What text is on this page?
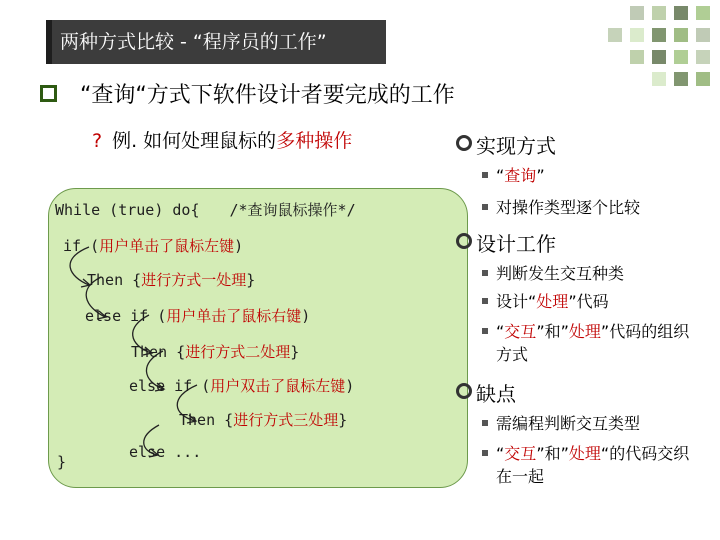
两种方式比较 - “程序员的工作”
“查询“方式下软件设计者要完成的工作
? 例. 如何处理鼠标的多种操作
While (true) do{ /*查询鼠标操作*/
if (用户单击了鼠标左键)
Then {进行方式一处理}
else if (用户单击了鼠标右键)
Then {进行方式二处理}
else if (用户双击了鼠标左键)
Then {进行方式三处理}
else ...
}
实现方式
“查询”
对操作类型逐个比较
设计工作
判断发生交互种类
设计“处理”代码
“交互”和”处理”代码的组织方式
缺点
需编程判断交互类型
“交互”和”处理“的代码交织在一起
